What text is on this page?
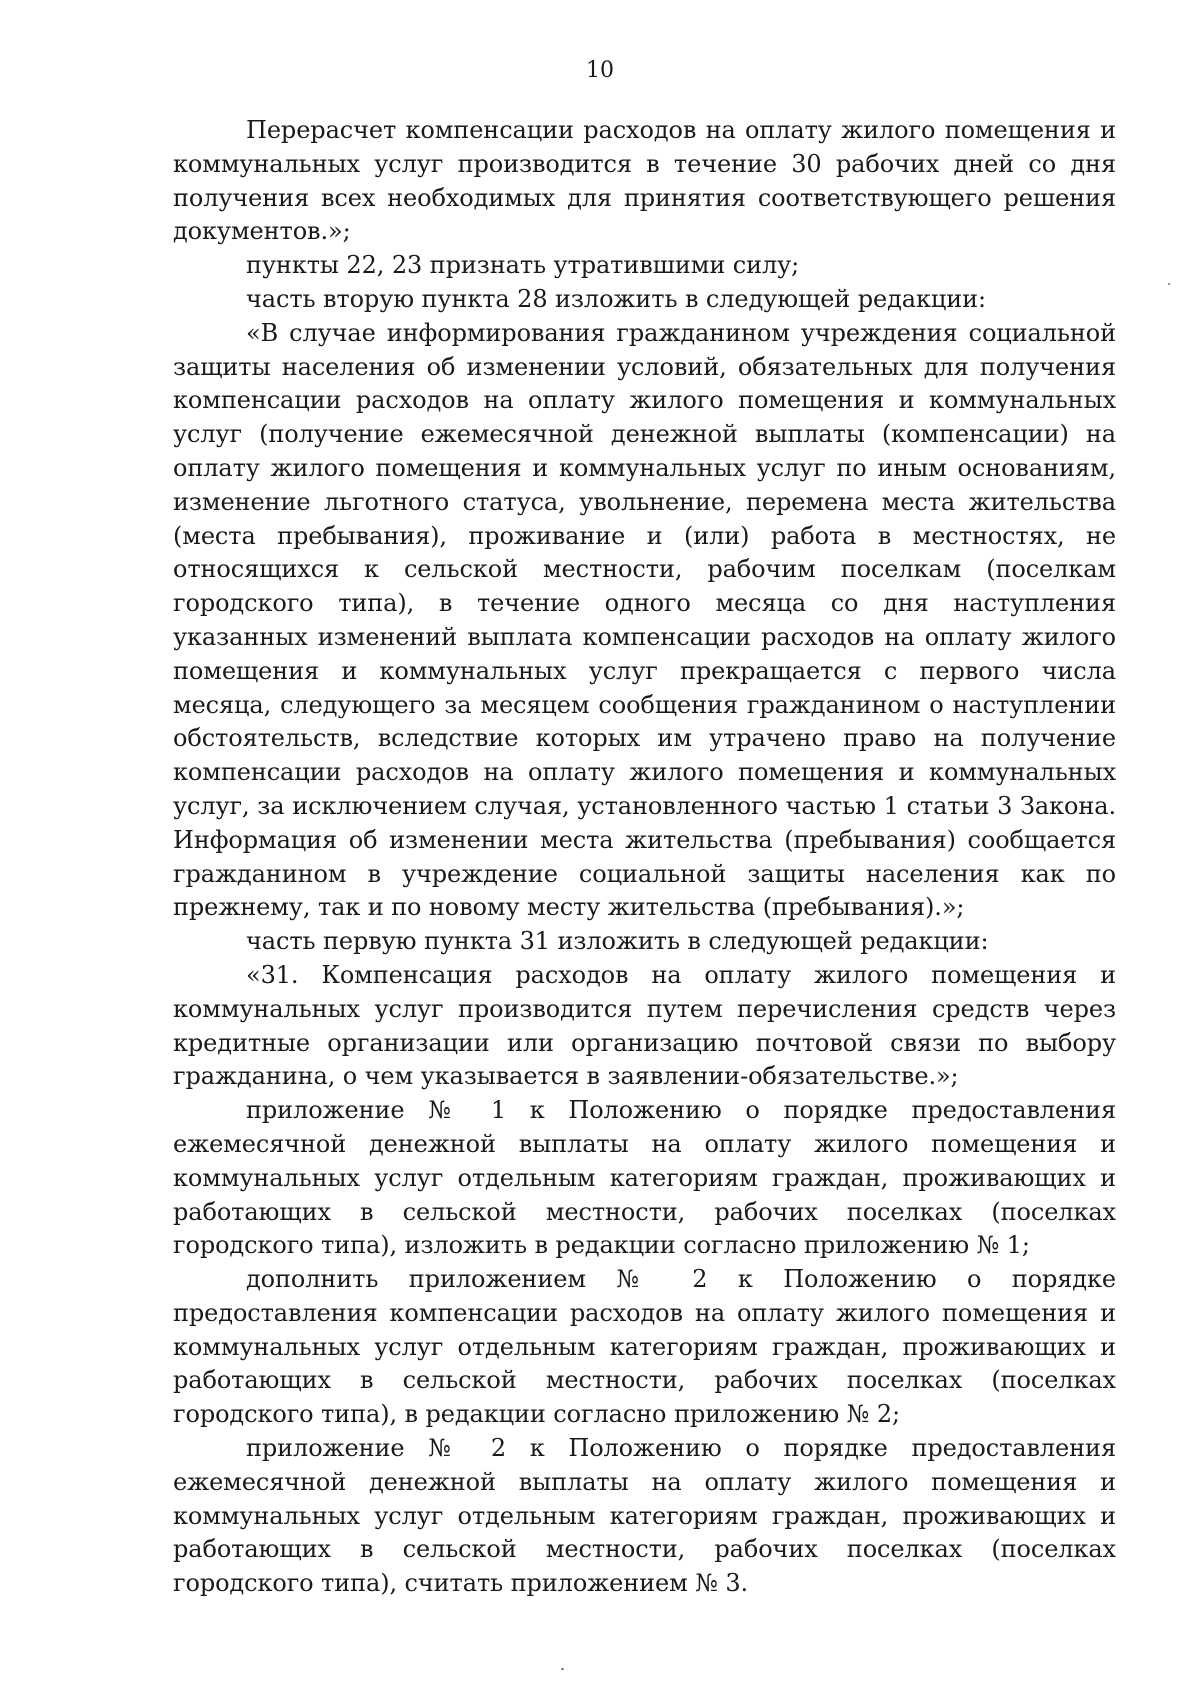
10

Перерасчет компенсации расходов на оплату жилого помещения и коммунальных услуг производится в течение 30 рабочих дней со дня получения всех необходимых для принятия соответствующего решения документов.»;

пункты 22, 23 признать утратившими силу;

часть вторую пункта 28 изложить в следующей редакции:

«В случае информирования гражданином учреждения социальной защиты населения об изменении условий, обязательных для получения компенсации расходов на оплату жилого помещения и коммунальных услуг (получение ежемесячной денежной выплаты (компенсации) на оплату жилого помещения и коммунальных услуг по иным основаниям, изменение льготного статуса, увольнение, перемена места жительства (места пребывания), проживание и (или) работа в местностях, не относящихся к сельской местности, рабочим поселкам (поселкам городского типа), в течение одного месяца со дня наступления указанных изменений выплата компенсации расходов на оплату жилого помещения и коммунальных услуг прекращается с первого числа месяца, следующего за месяцем сообщения гражданином о наступлении обстоятельств, вследствие которых им утрачено право на получение компенсации расходов на оплату жилого помещения и коммунальных услуг, за исключением случая, установленного частью 1 статьи 3 Закона. Информация об изменении места жительства (пребывания) сообщается гражданином в учреждение социальной защиты населения как по прежнему, так и по новому месту жительства (пребывания).»;

часть первую пункта 31 изложить в следующей редакции:

«31. Компенсация расходов на оплату жилого помещения и коммунальных услуг производится путем перечисления средств через кредитные организации или организацию почтовой связи по выбору гражданина, о чем указывается в заявлении-обязательстве.»;

приложение № 1 к Положению о порядке предоставления ежемесячной денежной выплаты на оплату жилого помещения и коммунальных услуг отдельным категориям граждан, проживающих и работающих в сельской местности, рабочих поселках (поселках городского типа), изложить в редакции согласно приложению № 1;

дополнить приложением № 2 к Положению о порядке предоставления компенсации расходов на оплату жилого помещения и коммунальных услуг отдельным категориям граждан, проживающих и работающих в сельской местности, рабочих поселках (поселках городского типа), в редакции согласно приложению № 2;

приложение № 2 к Положению о порядке предоставления ежемесячной денежной выплаты на оплату жилого помещения и коммунальных услуг отдельным категориям граждан, проживающих и работающих в сельской местности, рабочих поселках (поселках городского типа), считать приложением № 3.
